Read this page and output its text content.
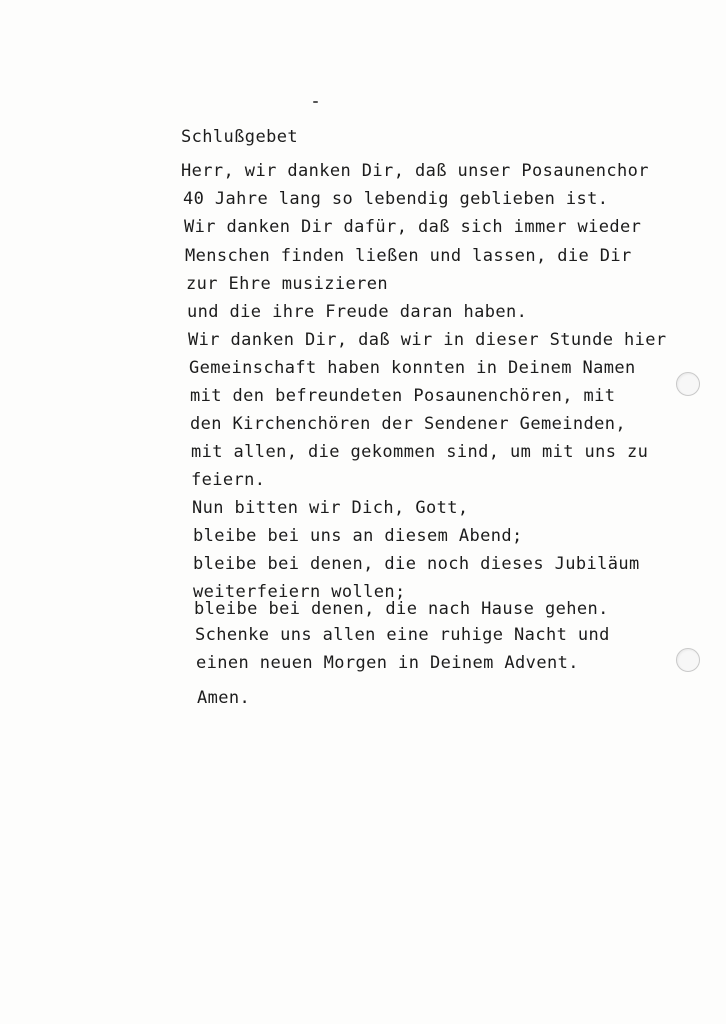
Schlußgebet
Herr, wir danken Dir, daß unser Posaunenchor
40 Jahre lang so lebendig geblieben ist.
Wir danken Dir dafür, daß sich immer wieder
Menschen finden ließen und lassen, die Dir
zur Ehre musizieren
und die ihre Freude daran haben.
Wir danken Dir, daß wir in dieser Stunde hier
Gemeinschaft haben konnten in Deinem Namen
mit den befreundeten Posaunenchören, mit
den Kirchenchören der Sendener Gemeinden,
mit allen, die gekommen sind, um mit uns zu
feiern.
Nun bitten wir Dich, Gott,
bleibe bei uns an diesem Abend;
bleibe bei denen, die noch dieses Jubiläum
weiterfeiern wollen;
bleibe bei denen, die nach Hause gehen.
Schenke uns allen eine ruhige Nacht und
einen neuen Morgen in Deinem Advent.
Amen.
